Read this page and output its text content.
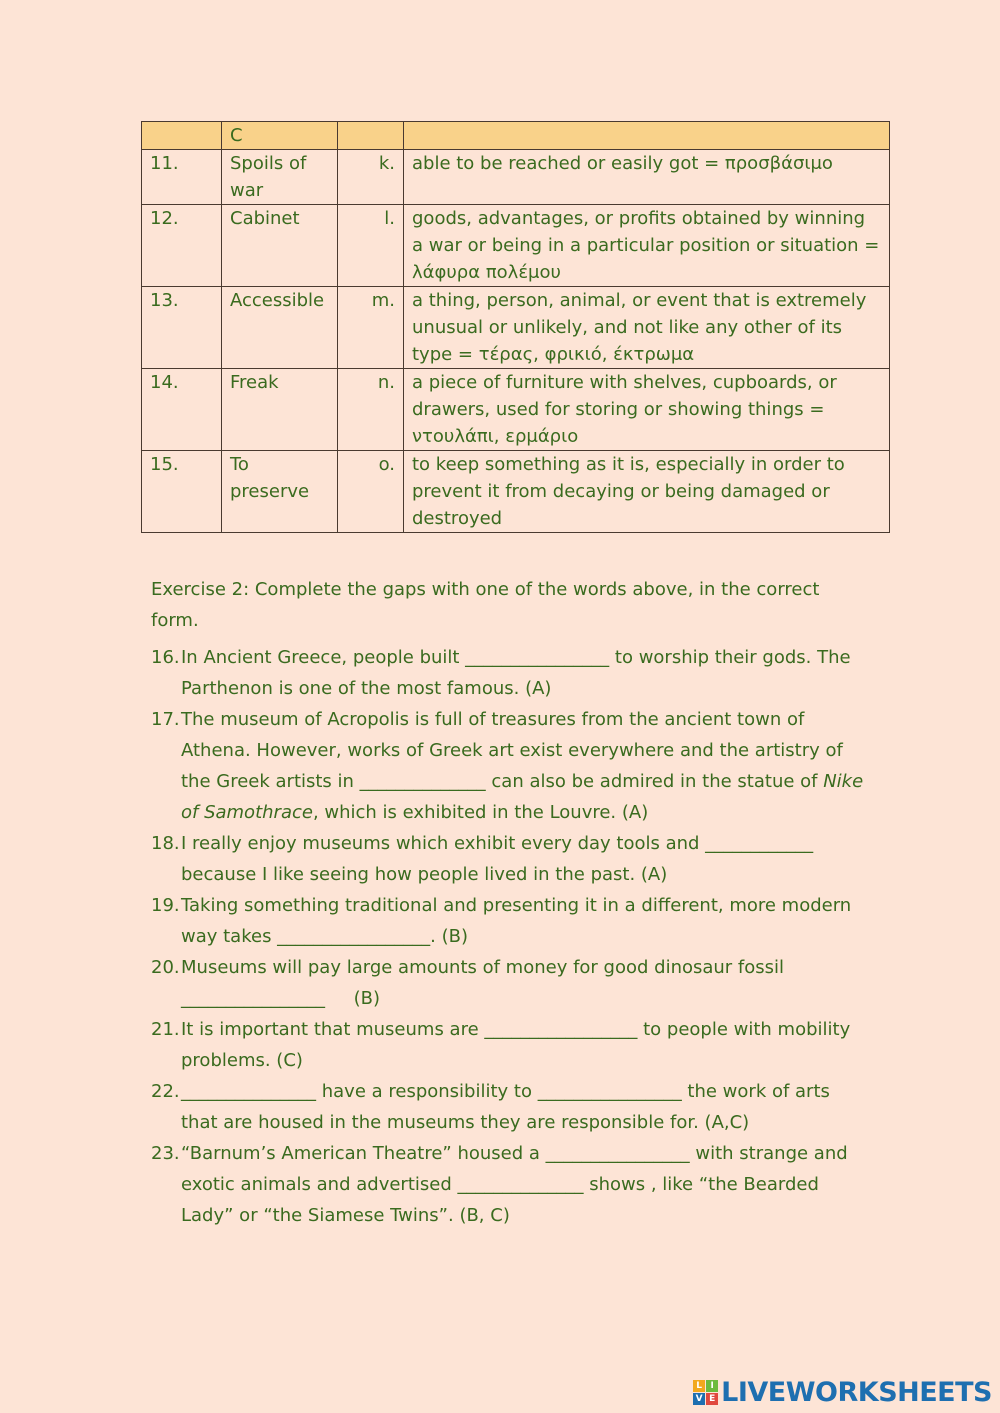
	C		
11.	Spoils of war	k.	able to be reached or easily got = προσβάσιμο
12.	Cabinet	l.	goods, advantages, or profits obtained by winning a war or being in a particular position or situation = λάφυρα πολέμου
13.	Accessible	m.	a thing, person, animal, or event that is extremely unusual or unlikely, and not like any other of its type = τέρας, φρικιό, έκτρωμα
14.	Freak	n.	a piece of furniture with shelves, cupboards, or drawers, used for storing or showing things = ντουλάπι, ερμάριο
15.	To preserve	o.	to keep something as it is, especially in order to prevent it from decaying or being damaged or destroyed

Exercise 2: Complete the gaps with one of the words above, in the correct form.

16. In Ancient Greece, people built ________________ to worship their gods. The Parthenon is one of the most famous. (A)
17. The museum of Acropolis is full of treasures from the ancient town of Athena. However, works of Greek art exist everywhere and the artistry of the Greek artists in ______________ can also be admired in the statue of Nike of Samothrace, which is exhibited in the Louvre. (A)
18. I really enjoy museums which exhibit every day tools and ____________ because I like seeing how people lived in the past. (A)
19. Taking something traditional and presenting it in a different, more modern way takes _________________. (B)
20. Museums will pay large amounts of money for good dinosaur fossil ________________     (B)
21. It is important that museums are _________________ to people with mobility problems. (C)
22. _______________ have a responsibility to ________________ the work of arts that are housed in the museums they are responsible for. (A,C)
23. “Barnum’s American Theatre” housed a ________________ with strange and exotic animals and advertised ______________ shows , like “the Bearded Lady” or “the Siamese Twins”. (B, C)
L I
V E LIVEWORKSHEETS
